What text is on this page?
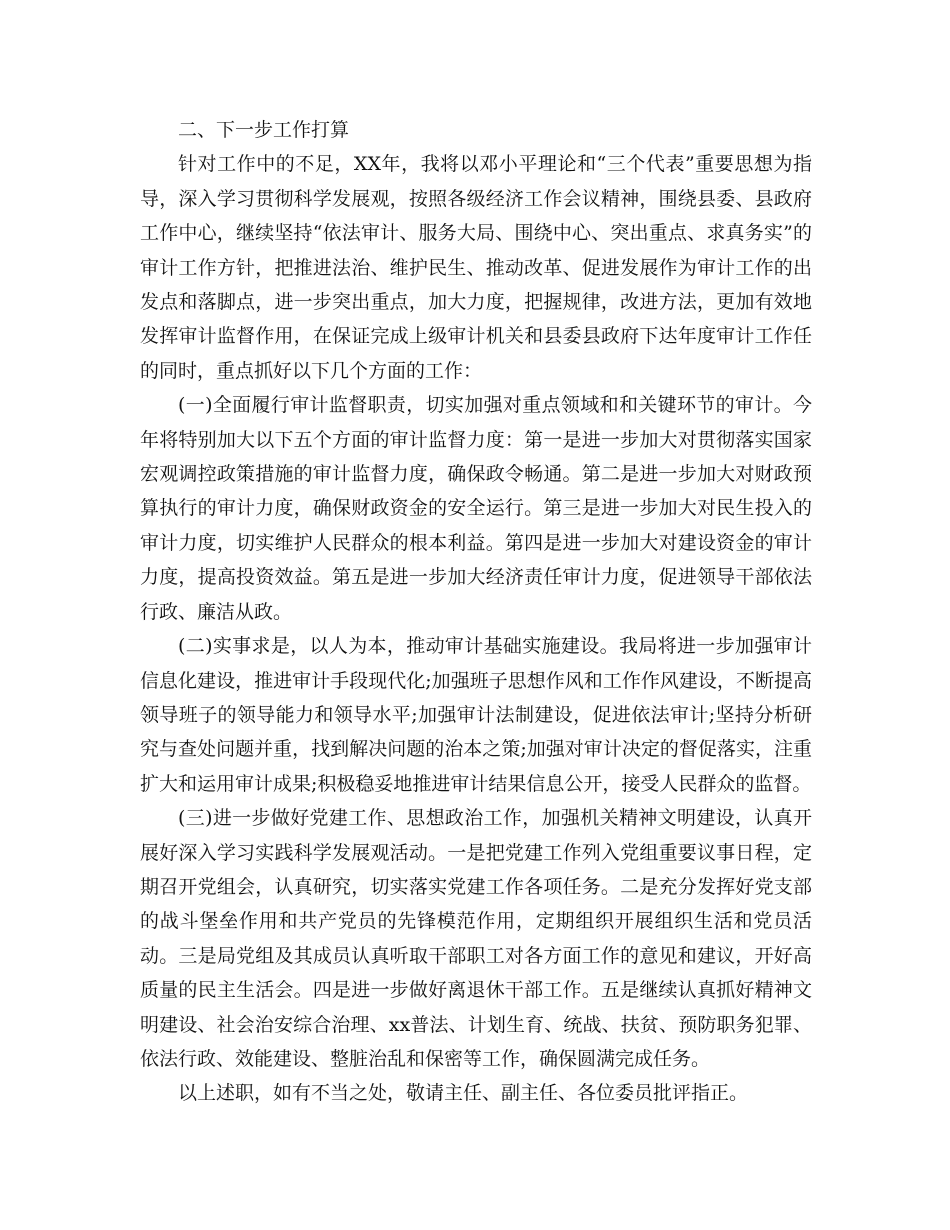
二、下一步工作打算

针对工作中的不足，XX年，我将以邓小平理论和“三个代表”重要思想为指导，深入学习贯彻科学发展观，按照各级经济工作会议精神，围绕县委、县政府工作中心，继续坚持“依法审计、服务大局、围绕中心、突出重点、求真务实”的审计工作方针，把推进法治、维护民生、推动改革、促进发展作为审计工作的出发点和落脚点，进一步突出重点，加大力度，把握规律，改进方法，更加有效地发挥审计监督作用，在保证完成上级审计机关和县委县政府下达年度审计工作任的同时，重点抓好以下几个方面的工作：

(一)全面履行审计监督职责，切实加强对重点领域和和关键环节的审计。今年将特别加大以下五个方面的审计监督力度：第一是进一步加大对贯彻落实国家宏观调控政策措施的审计监督力度，确保政令畅通。第二是进一步加大对财政预算执行的审计力度，确保财政资金的安全运行。第三是进一步加大对民生投入的审计力度，切实维护人民群众的根本利益。第四是进一步加大对建设资金的审计力度，提高投资效益。第五是进一步加大经济责任审计力度，促进领导干部依法行政、廉洁从政。

(二)实事求是，以人为本，推动审计基础实施建设。我局将进一步加强审计信息化建设，推进审计手段现代化;加强班子思想作风和工作作风建设，不断提高领导班子的领导能力和领导水平;加强审计法制建设，促进依法审计;坚持分析研究与查处问题并重，找到解决问题的治本之策;加强对审计决定的督促落实，注重扩大和运用审计成果;积极稳妥地推进审计结果信息公开，接受人民群众的监督。

(三)进一步做好党建工作、思想政治工作，加强机关精神文明建设，认真开展好深入学习实践科学发展观活动。一是把党建工作列入党组重要议事日程，定期召开党组会，认真研究，切实落实党建工作各项任务。二是充分发挥好党支部的战斗堡垒作用和共产党员的先锋模范作用，定期组织开展组织生活和党员活动。三是局党组及其成员认真听取干部职工对各方面工作的意见和建议，开好高质量的民主生活会。四是进一步做好离退休干部工作。五是继续认真抓好精神文明建设、社会治安综合治理、xx普法、计划生育、统战、扶贫、预防职务犯罪、依法行政、效能建设、整脏治乱和保密等工作，确保圆满完成任务。

以上述职，如有不当之处，敬请主任、副主任、各位委员批评指正。
